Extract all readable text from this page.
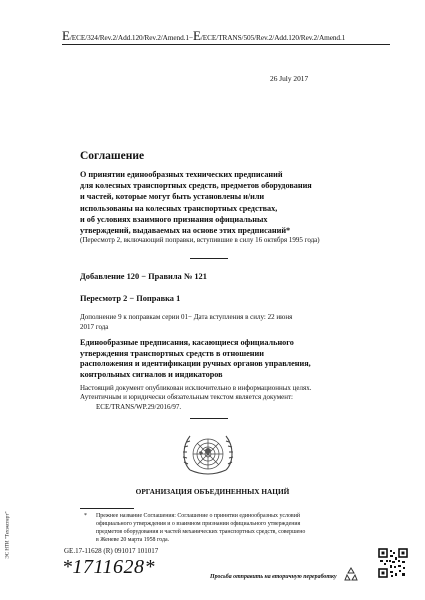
E/ECE/324/Rev.2/Add.120/Rev.2/Amend.1−E/ECE/TRANS/505/Rev.2/Add.120/Rev.2/Amend.1
26 July 2017
Соглашение
О принятии единообразных технических предписаний
для колесных транспортных средств, предметов оборудования
и частей, которые могут быть установлены и/или
использованы на колесных транспортных средствах,
и об условиях взаимного признания официальных
утверждений, выдаваемых на основе этих предписаний*
(Пересмотр 2, включающий поправки, вступившие в силу 16 октября 1995 года)
Добавление 120 − Правила № 121
Пересмотр 2 − Поправка 1
Дополнение 9 к поправкам серии 01− Дата вступления в силу: 22 июня
2017 года
Единообразные предписания, касающиеся официального
утверждения транспортных средств в отношении
расположения и идентификации ручных органов управления,
контрольных сигналов и индикаторов
Настоящий документ опубликован исключительно в информационных целях.
Аутентичным и юридически обязательным текстом является документ:
ECE/TRANS/WP.29/2016/97.
ОРГАНИЗАЦИЯ ОБЪЕДИНЕННЫХ НАЦИЙ
*	Прежнее название Соглашения: Соглашение о принятии единообразных условий
официального утверждения и о взаимном признании официального утверждения
предметов оборудования и частей механических транспортных средств, совершено
в Женеве 20 марта 1958 года.
GE.17-11628 (R) 091017 101017
*1711628*	Просьба отправить на вторичную переработку
ЭС НТИ "Техэксперт"
